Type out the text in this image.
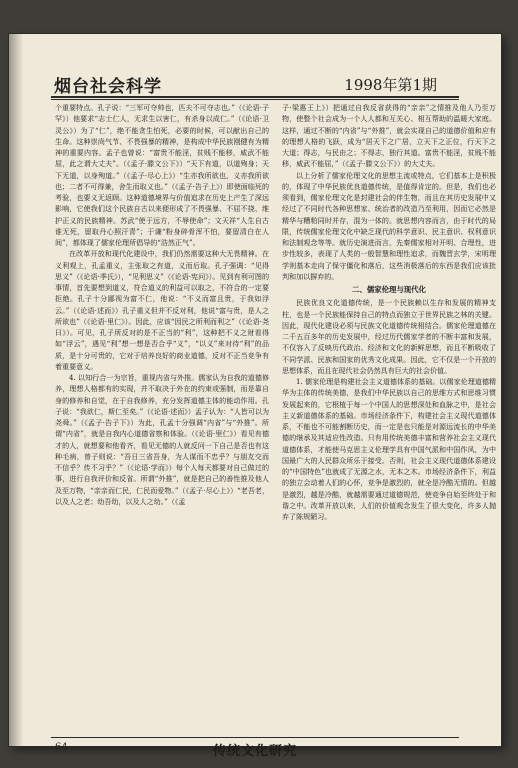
烟台社会科学	1998年第1期

个重要特点。孔子说：“三军可夺帅也，匹夫不可夺志也。”（《论语·子罕》）他要求“志士仁人，无求生以害仁，有杀身以成仁。”（《论语·卫灵公》）为了“仁”，绝不能贪生怕死，必要的时候，可以献出自己的生命。这种崇尚气节、不畏强暴的精神，是构成中华民族刚健有为精神的重要内容。孟子也曾说：“富贵不能淫，贫贱不能移，威武不能屈，此之谓大丈夫”。（《孟子·滕文公下》）“天下有道，以道殉身；天下无道，以身殉道。”（《孟子·尽心上》）“生亦我所欲也，义亦我所欲也；二者不可得兼，舍生而取义也。”（《孟子·告子上》）即使面临死的考验，也要义无返顾。这种道德境界与价值追求在历史上产生了深远影响，它使我们这个民族自古以来便形成了不畏强暴、不屈不挠、维护正义的民族精神。苏武“使于远方，不辱使命”；文天祥“人生自古谁无死，留取丹心照汗青”；于谦“粉身碎骨浑不怕，要留清白在人间”，都体现了儒家伦理所倡导的“浩然正气”。

在改革开放和现代化建设中，我们仍然需要这种大无畏精神。在义利观上，孔孟重义，主张取之有道，义而后取。孔子强调：“见得思义”（《论语·季氏》），“见利思义”（《论语·宪问》）。见到有利可图的事情，首先要想到道义，符合道义的利益可以取之，不符合的一定要拒绝。孔子十分鄙视为富不仁，他说：“不义而富且贵，于我如浮云。”（《论语·述而》）孔子重义但并不反对利，他说“富与贵，是人之所欲也”（《论语·里仁》）。因此，应该“因民之所利而利之”（《论语·尧曰》）。可见，孔子所反对的是不正当的“利”，这种把不义之财看得如“浮云”，遇见“利”想一想是否合乎“义”，“以义”来对待“利”的品质，是十分可贵的，它对于培养良好的商业道德，反对不正当竞争有着重要意义。

4. 以知行合一为宗旨，重视内省与外推。儒家认为自我的道德修养，理想人格都有的实现，并不取决于外在的约束或强制，而是靠自身的修养和自觉，在于自我修养，充分发挥道德主体的能动作用。孔子说：“我欲仁，斯仁至矣。”（《论语·述而》）孟子认为：“人皆可以为尧舜。”（《孟子·告子下》）为此，孔孟十分强调“内省”与“外推”。所谓“内省”，就是自我内心道德省察和体验。（《论语·里仁》）看见有德才的人，就想要和他看齐，看见无德的人就反问一下自己是否也有这种毛病，曾子则说：“吾日三省吾身，为人谋而不忠乎？与朋友交而不信乎？传不习乎？”（《论语·学而》）每个人每天都要对自己做过的事，进行自我评价和反省。所谓“外推”，就是把自己的善性推及他人及至万物，“亲亲而仁民，仁民而爱物。”（《孟子·尽心上》）“老吾老，以及人之老；幼吾幼，以及人之幼。”（《孟

子·梁惠王上》）把通过自我反省获得的“亲亲”之情推及他人乃至万物，使整个社会成为一个人人都和互关心、相互帮助的温暖大家庭。这样，通过不断的“内省”与“外推”，就会实现自己的道德价值和应有的理想人格的飞跃，成为“居天下之广居，立天下之正位，行天下之大道；得志，与民由之；不得志，独行其道。富贵不能淫，贫贱不能移，威武不能屈，”（《孟子·滕文公下》）的大丈夫。

以上分析了儒家伦理文化的思想主流或特点，它们基本上是积极的，体现了中华民族优良道德传统，是值得肯定的。但是，我们也必须看到，儒家伦理文化是封建社会的伴生物，而且在其历史发展中又经过了不同时代各种思想家、统治者的改造乃至利用，因而它必然是精华与糟粕同时并存，混为一体的。就思想内容而言，由于时代的局限，传统儒家伦理文化中缺乏现代的科学意识、民主意识、权利意识和法制观念等等。就历史演进而言，先秦儒家相对开明、合理性，进步性较多，表现了人类的一般智慧和理性追求，而魏晋玄学，宋明理学则基本走向了保守僵化和落后，这些消极落后的东西是我们应该批判和加以摒弃的。

二、儒家伦理与现代化

民族优良文化道德传统，是一个民族赖以生存和发展的精神支柱，也是一个民族能保持自己的特点而独立于世界民族之林的关键。因此，现代化建设必须与民族文化道德传统相结合。儒家伦理道德在二千五百多年的历史发展中，经过历代儒家学者的不断丰富和发展，不仅容入了反映历代政治、经济和文化的新鲜思想，而且不断吸收了不同学派、民族和国家的优秀文化成果。因此，它不仅是一个开放的思想体系，而且在现代社会仍然具有巨大的社会价值。

1. 儒家伦理是构建社会主义道德体系的基础。以儒家伦理道德精华为主体的传统美德，是我们中华民族以自己的思维方式和思维习惯发展起来的，它根植于每一个中国人的思想深处和血脉之中，是社会主义新道德体系的基础。市场经济条件下，构建社会主义现代道德体系，不能也不可能割断历史，而一定是也只能是对源远流长的中华美德的继承及其适应性改造。只有用传统美德丰富和营养社会主义现代道德体系，才能使马克思主义伦理学具有中国气派和中国作风，为中国最广大的人民群众所乐于接受。否则，社会主义现代道德体系建设的“中国特色”也就成了无源之水，无本之木。市场经济条件下，利益的独立会动着人们的心怀，竞争是激烈的，就全是冷酷无情的。但越是激烈，越是冷酷，就越需要通过道德规范，使竞争自始至终处于和谐之中。改革开放以来，人们的价值观念发生了很大变化，许多人抛弃了陈规陋习。

64	传统文化研究
